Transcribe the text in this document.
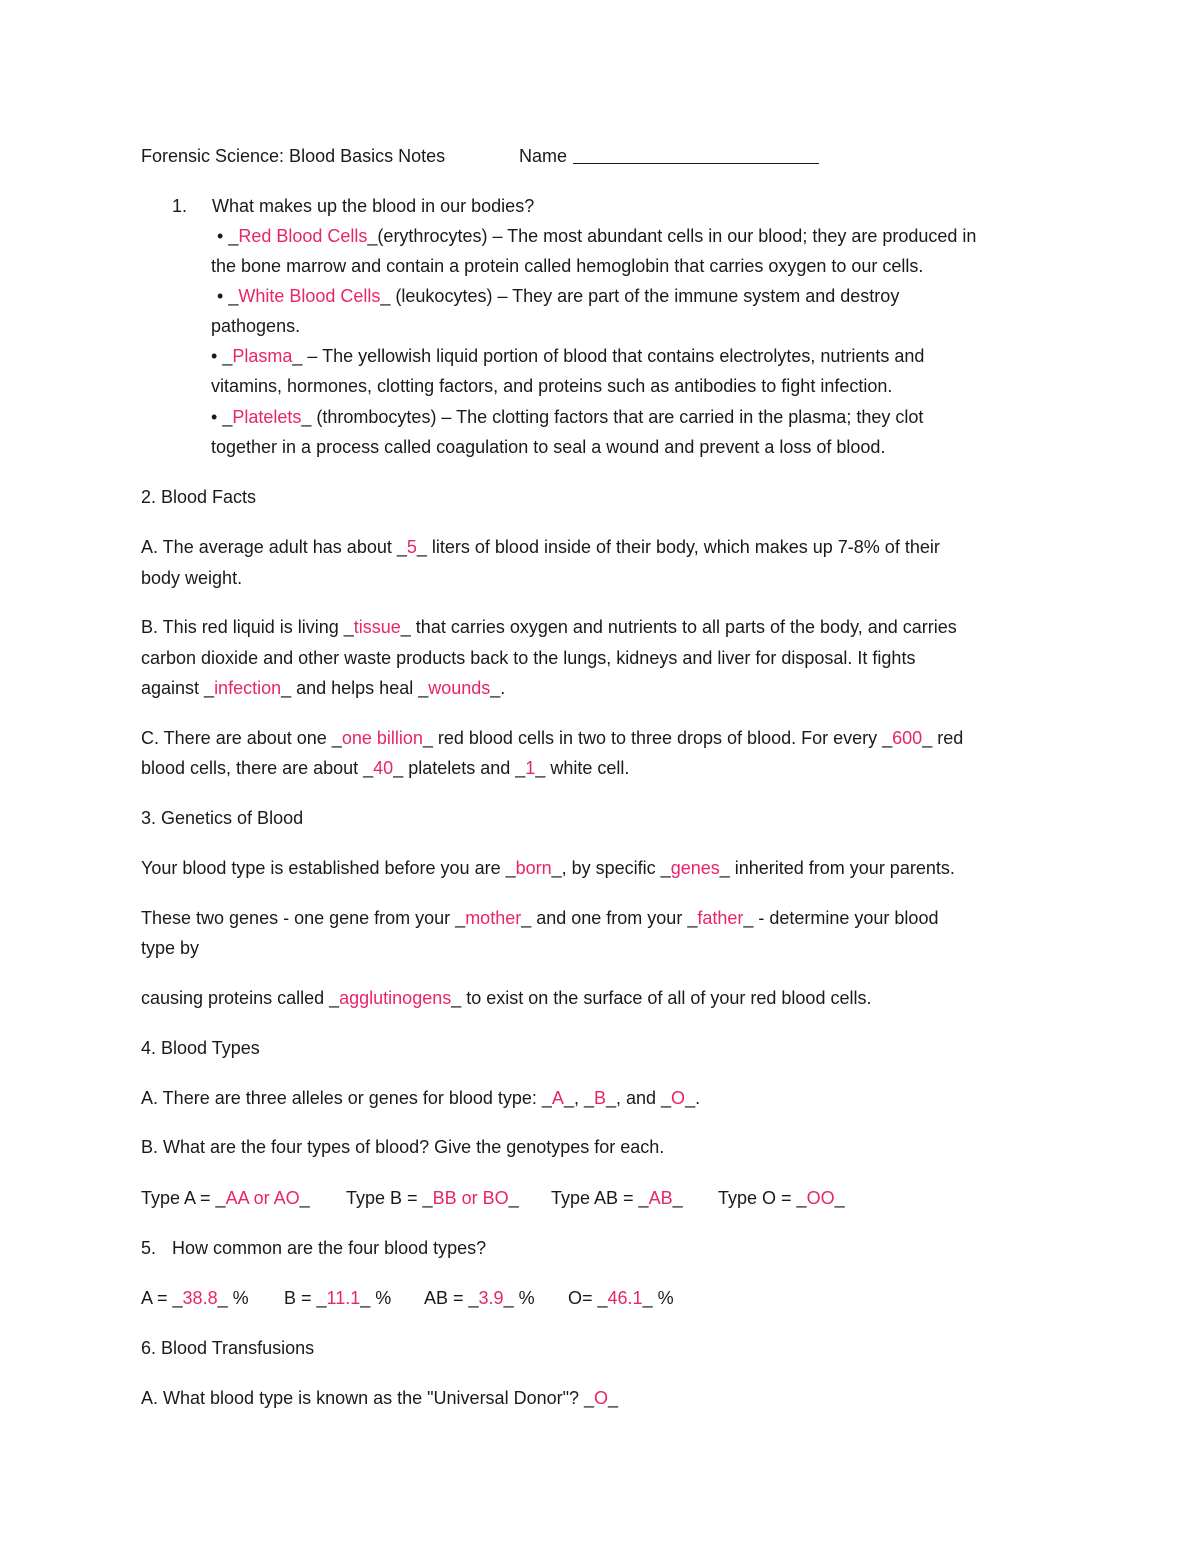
Forensic Science: Blood Basics Notes	Name
1. What makes up the blood in our bodies?
• _Red Blood Cells_(erythrocytes) – The most abundant cells in our blood; they are produced in
the bone marrow and contain a protein called hemoglobin that carries oxygen to our cells.
• _White Blood Cells_ (leukocytes) – They are part of the immune system and destroy
pathogens.
• _Plasma_ – The yellowish liquid portion of blood that contains electrolytes, nutrients and
vitamins, hormones, clotting factors, and proteins such as antibodies to fight infection.
• _Platelets_ (thrombocytes) – The clotting factors that are carried in the plasma; they clot
together in a process called coagulation to seal a wound and prevent a loss of blood.
2. Blood Facts
A. The average adult has about _5_ liters of blood inside of their body, which makes up 7-8% of their
body weight.
B. This red liquid is living _tissue_ that carries oxygen and nutrients to all parts of the body, and carries
carbon dioxide and other waste products back to the lungs, kidneys and liver for disposal. It fights
against _infection_ and helps heal _wounds_.
C. There are about one _one billion_ red blood cells in two to three drops of blood. For every _600_ red
blood cells, there are about _40_ platelets and _1_ white cell.
3. Genetics of Blood
Your blood type is established before you are _born_, by specific _genes_ inherited from your parents.
These two genes - one gene from your _mother_ and one from your _father_ - determine your blood
type by
causing proteins called _agglutinogens_ to exist on the surface of all of your red blood cells.
4. Blood Types
A. There are three alleles or genes for blood type: _A_, _B_, and _O_.
B. What are the four types of blood? Give the genotypes for each.
Type A = _AA or AO_ Type B = _BB or BO_ Type AB = _AB_ Type O = _OO_
5. How common are the four blood types?
A = _38.8_ % B = _11.1_ % AB = _3.9_ % O= _46.1_ %
6. Blood Transfusions
A. What blood type is known as the "Universal Donor"? _O_
